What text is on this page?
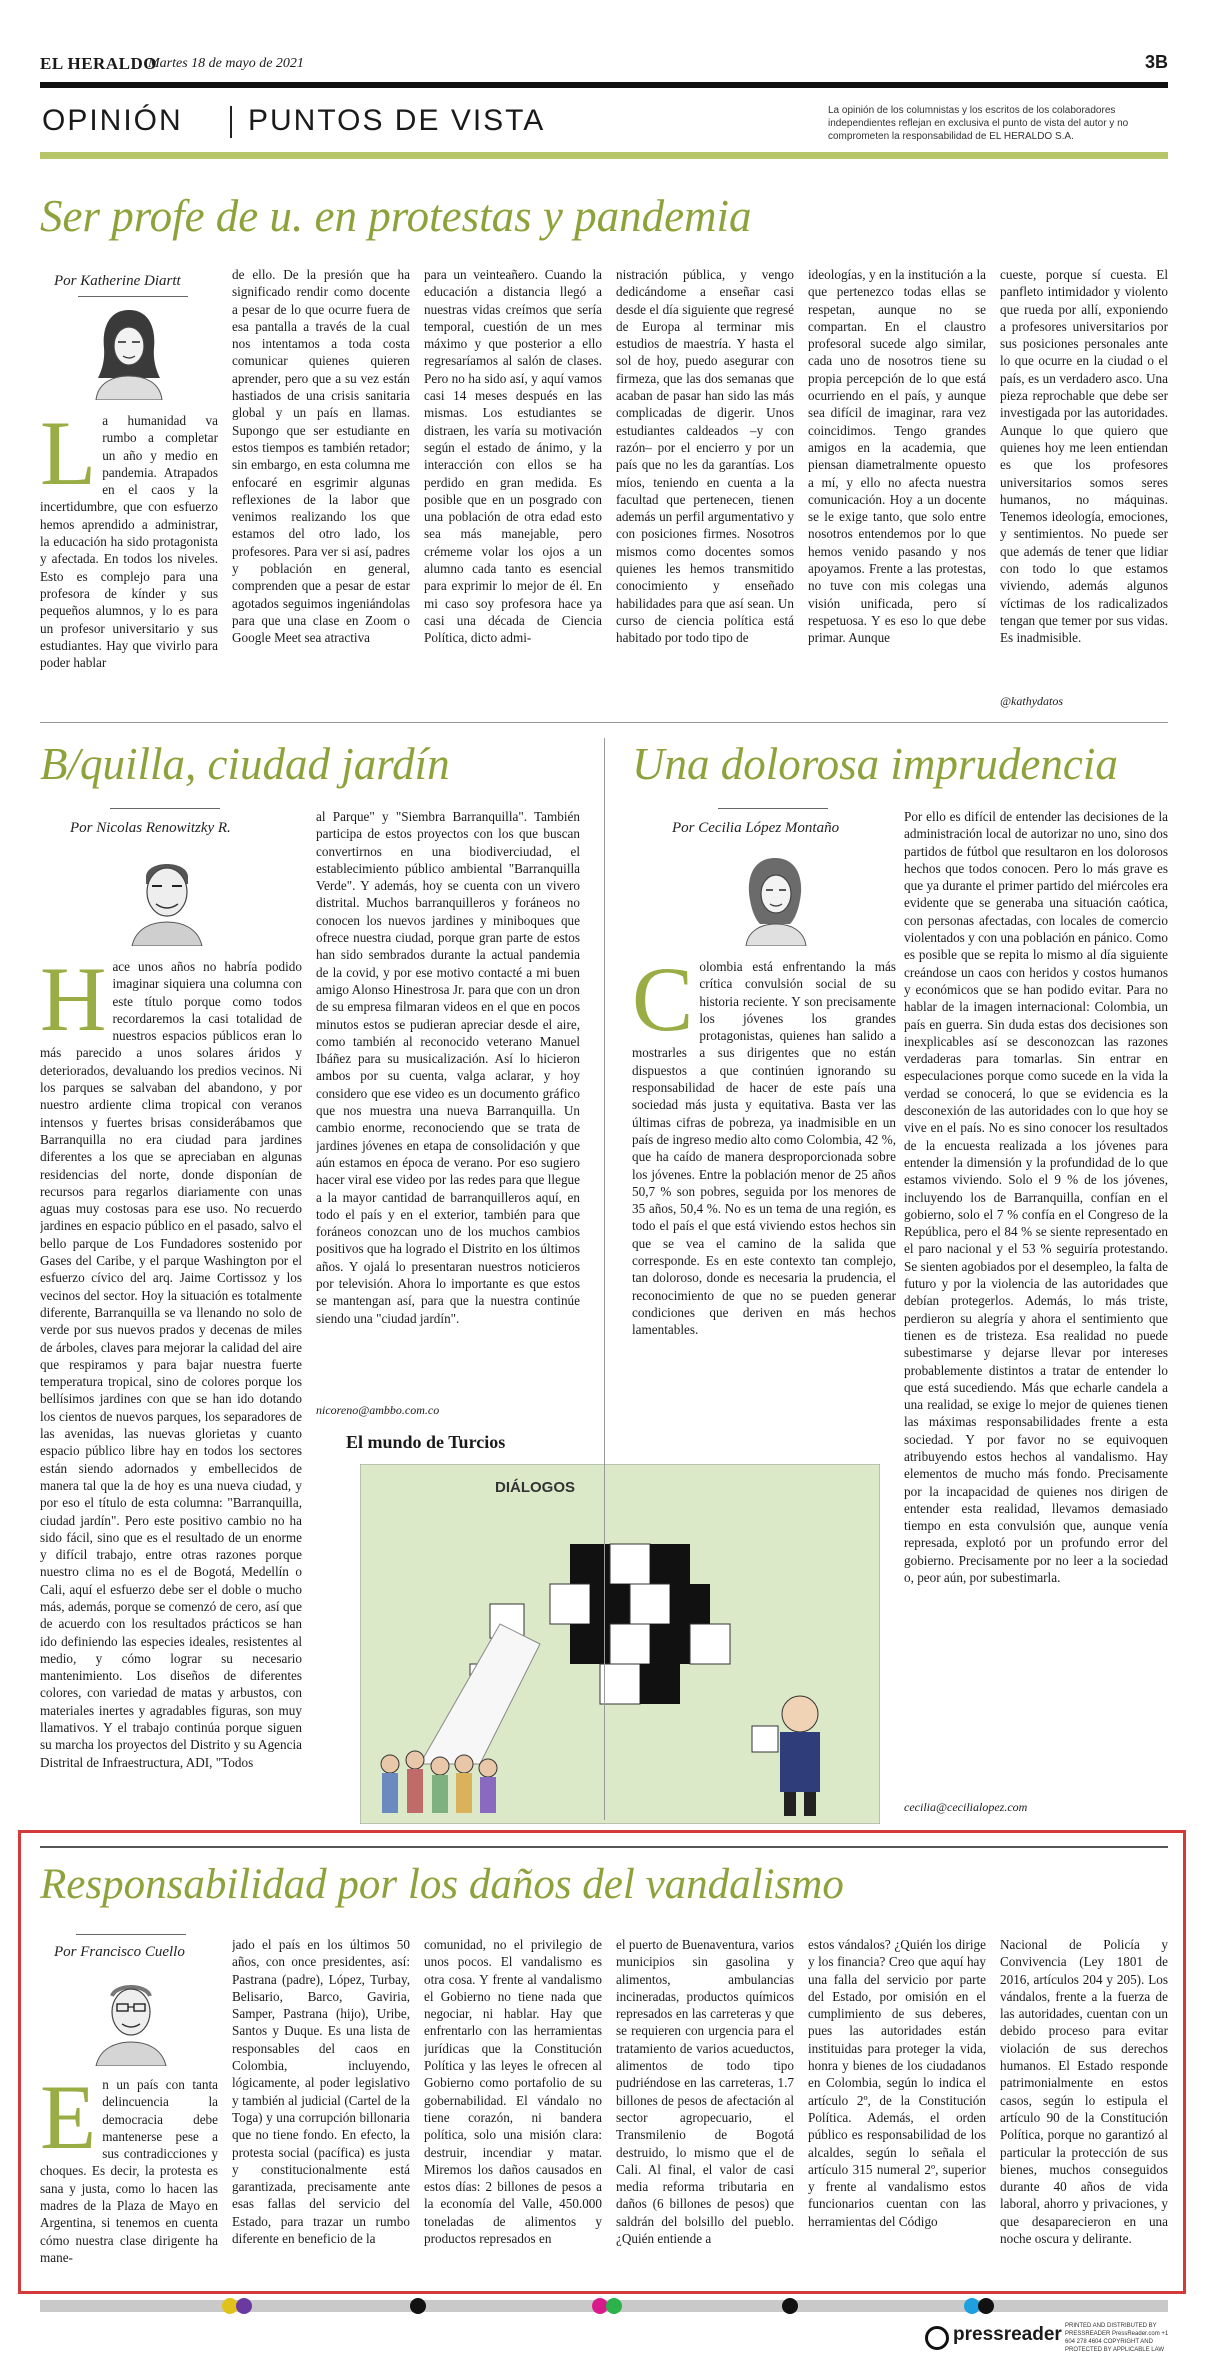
EL HERALDO
Martes 18 de mayo de 2021	3B
OPINIÓN PUNTOS DE VISTA	La opinión de los columnistas y los escritos de los colaboradores independientes reflejan en exclusiva el punto de vista del autor y no comprometen la responsabilidad de EL HERALDO S.A.
Ser profe de u. en protestas y pandemia
Por Katherine Diartt
La humanidad va rumbo a completar un año y medio en pandemia. Atrapados en el caos y la incertidumbre, que con esfuerzo hemos aprendido a administrar, la educación ha sido protagonista y afectada. En todos los niveles. Esto es complejo para una profesora de kínder y sus pequeños alumnos, y lo es para un profesor universitario y sus estudiantes. Hay que vivirlo para poder hablar
de ello. De la presión que ha significado rendir como docente a pesar de lo que ocurre fuera de esa pantalla a través de la cual nos intentamos a toda costa comunicar quienes quieren aprender, pero que a su vez están hastiados de una crisis sanitaria global y un país en llamas. Supongo que ser estudiante en estos tiempos es también retador; sin embargo, en esta columna me enfocaré en esgrimir algunas reflexiones de la labor que venimos realizando los que estamos del otro lado, los profesores. Para ver si así, padres y población en general, comprenden que a pesar de estar agotados seguimos ingeniándolas para que una clase en Zoom o Google Meet sea atractiva
para un veinteañero. Cuando la educación a distancia llegó a nuestras vidas creímos que sería temporal, cuestión de un mes máximo y que posterior a ello regresaríamos al salón de clases. Pero no ha sido así, y aquí vamos casi 14 meses después en las mismas. Los estudiantes se distraen, les varía su motivación según el estado de ánimo, y la interacción con ellos se ha perdido en gran medida. Es posible que en un posgrado con una población de otra edad esto sea más manejable, pero crémeme volar los ojos a un alumno cada tanto es esencial para exprimir lo mejor de él. En mi caso soy profesora hace ya casi una década de Ciencia Política, dicto admi-
nistración pública, y vengo dedicándome a enseñar casi desde el día siguiente que regresé de Europa al terminar mis estudios de maestría. Y hasta el sol de hoy, puedo asegurar con firmeza, que las dos semanas que acaban de pasar han sido las más complicadas de digerir. Unos estudiantes caldeados –y con razón– por el encierro y por un país que no les da garantías. Los míos, teniendo en cuenta a la facultad que pertenecen, tienen además un perfil argumentativo y con posiciones firmes. Nosotros mismos como docentes somos quienes les hemos transmitido conocimiento y enseñado habilidades para que así sean. Un curso de ciencia política está habitado por todo tipo de
ideologías, y en la institución a la que pertenezco todas ellas se respetan, aunque no se compartan. En el claustro profesoral sucede algo similar, cada uno de nosotros tiene su propia percepción de lo que está ocurriendo en el país, y aunque sea difícil de imaginar, rara vez coincidimos. Tengo grandes amigos en la academia, que piensan diametralmente opuesto a mí, y ello no afecta nuestra comunicación. Hoy a un docente se le exige tanto, que solo entre nosotros entendemos por lo que hemos venido pasando y nos apoyamos. Frente a las protestas, no tuve con mis colegas una visión unificada, pero sí respetuosa. Y es eso lo que debe primar. Aunque
cueste, porque sí cuesta. El panfleto intimidador y violento que rueda por allí, exponiendo a profesores universitarios por sus posiciones personales ante lo que ocurre en la ciudad o el país, es un verdadero asco. Una pieza reprochable que debe ser investigada por las autoridades. Aunque lo que quiero que quienes hoy me leen entiendan es que los profesores universitarios somos seres humanos, no máquinas. Tenemos ideología, emociones, y sentimientos. No puede ser que además de tener que lidiar con todo lo que estamos viviendo, además algunos víctimas de los radicalizados tengan que temer por sus vidas. Es inadmisible.
@kathydatos
B/quilla, ciudad jardín
Por Nicolas Renowitzky R.
Hace unos años no habría podido imaginar siquiera una columna con este título porque como todos recordaremos la casi totalidad de nuestros espacios públicos eran lo más parecido a unos solares áridos y deteriorados, devaluando los predios vecinos. Ni los parques se salvaban del abandono, y por nuestro ardiente clima tropical con veranos intensos y fuertes brisas considerábamos que Barranquilla no era ciudad para jardines diferentes a los que se apreciaban en algunas residencias del norte, donde disponían de recursos para regarlos diariamente con unas aguas muy costosas para ese uso. No recuerdo jardines en espacio público en el pasado, salvo el bello parque de Los Fundadores sostenido por Gases del Caribe, y el parque Washington por el esfuerzo cívico del arq. Jaime Cortissoz y los vecinos del sector. Hoy la situación es totalmente diferente, Barranquilla se va llenando no solo de verde por sus nuevos prados y decenas de miles de árboles, claves para mejorar la calidad del aire que respiramos y para bajar nuestra fuerte temperatura tropical, sino de colores porque los bellísimos jardines con que se han ido dotando los cientos de nuevos parques, los separadores de las avenidas, las nuevas glorietas y cuanto espacio público libre hay en todos los sectores están siendo adornados y embellecidos de manera tal que la de hoy es una nueva ciudad, y por eso el título de esta columna: "Barranquilla, ciudad jardín". Pero este positivo cambio no ha sido fácil, sino que es el resultado de un enorme y difícil trabajo, entre otras razones porque nuestro clima no es el de Bogotá, Medellín o Cali, aquí el esfuerzo debe ser el doble o mucho más, además, porque se comenzó de cero, así que de acuerdo con los resultados prácticos se han ido definiendo las especies ideales, resistentes al medio, y cómo lograr su necesario mantenimiento. Los diseños de diferentes colores, con variedad de matas y arbustos, con materiales inertes y agradables figuras, son muy llamativos. Y el trabajo continúa porque siguen su marcha los proyectos del Distrito y su Agencia Distrital de Infraestructura, ADI, "Todos
al Parque" y "Siembra Barranquilla". También participa de estos proyectos con los que buscan convertirnos en una biodiverciudad, el establecimiento público ambiental "Barranquilla Verde". Y además, hoy se cuenta con un vivero distrital. Muchos barranquilleros y foráneos no conocen los nuevos jardines y miniboques que ofrece nuestra ciudad, porque gran parte de estos han sido sembrados durante la actual pandemia de la covid, y por ese motivo contacté a mi buen amigo Alonso Hinestrosa Jr. para que con un dron de su empresa filmaran videos en el que en pocos minutos estos se pudieran apreciar desde el aire, como también al reconocido veterano Manuel Ibáñez para su musicalización. Así lo hicieron ambos por su cuenta, valga aclarar, y hoy considero que ese video es un documento gráfico que nos muestra una nueva Barranquilla. Un cambio enorme, reconociendo que se trata de jardines jóvenes en etapa de consolidación y que aún estamos en época de verano. Por eso sugiero hacer viral ese video por las redes para que llegue a la mayor cantidad de barranquilleros aquí, en todo el país y en el exterior, también para que foráneos conozcan uno de los muchos cambios positivos que ha logrado el Distrito en los últimos años. Y ojalá lo presentaran nuestros noticieros por televisión. Ahora lo importante es que estos se mantengan así, para que la nuestra continúe siendo una "ciudad jardín".
nicoreno@ambbo.com.co
El mundo de Turcios
DIÁLOGOS
Una dolorosa imprudencia
Por Cecilia López Montaño
Colombia está enfrentando la más crítica convulsión social de su historia reciente. Y son precisamente los jóvenes los grandes protagonistas, quienes han salido a mostrarles a sus dirigentes que no están dispuestos a que continúen ignorando su responsabilidad de hacer de este país una sociedad más justa y equitativa. Basta ver las últimas cifras de pobreza, ya inadmisible en un país de ingreso medio alto como Colombia, 42 %, que ha caído de manera desproporcionada sobre los jóvenes. Entre la población menor de 25 años 50,7 % son pobres, seguida por los menores de 35 años, 50,4 %. No es un tema de una región, es todo el país el que está viviendo estos hechos sin que se vea el camino de la salida que corresponde. Es en este contexto tan complejo, tan doloroso, donde es necesaria la prudencia, el reconocimiento de que no se pueden generar condiciones que deriven en más hechos lamentables.
Por ello es difícil de entender las decisiones de la administración local de autorizar no uno, sino dos partidos de fútbol que resultaron en los dolorosos hechos que todos conocen. Pero lo más grave es que ya durante el primer partido del miércoles era evidente que se generaba una situación caótica, con personas afectadas, con locales de comercio violentados y con una población en pánico. Como es posible que se repita lo mismo al día siguiente creándose un caos con heridos y costos humanos y económicos que se han podido evitar. Para no hablar de la imagen internacional: Colombia, un país en guerra. Sin duda estas dos decisiones son inexplicables así se desconozcan las razones verdaderas para tomarlas. Sin entrar en especulaciones porque como sucede en la vida la verdad se conocerá, lo que se evidencia es la desconexión de las autoridades con lo que hoy se vive en el país. No es sino conocer los resultados de la encuesta realizada a los jóvenes para entender la dimensión y la profundidad de lo que estamos viviendo. Solo el 9 % de los jóvenes, incluyendo los de Barranquilla, confían en el gobierno, solo el 7 % confía en el Congreso de la República, pero el 84 % se siente representado en el paro nacional y el 53 % seguiría protestando. Se sienten agobiados por el desempleo, la falta de futuro y por la violencia de las autoridades que debían protegerlos. Además, lo más triste, perdieron su alegría y ahora el sentimiento que tienen es de tristeza. Esa realidad no puede subestimarse y dejarse llevar por intereses probablemente distintos a tratar de entender lo que está sucediendo. Más que echarle candela a una realidad, se exige lo mejor de quienes tienen las máximas responsabilidades frente a esta sociedad. Y por favor no se equivoquen atribuyendo estos hechos al vandalismo. Hay elementos de mucho más fondo. Precisamente por la incapacidad de quienes nos dirigen de entender esta realidad, llevamos demasiado tiempo en esta convulsión que, aunque venía represada, explotó por un profundo error del gobierno. Precisamente por no leer a la sociedad o, peor aún, por subestimarla.
cecilia@cecilialopez.com
Responsabilidad por los daños del vandalismo
Por Francisco Cuello
En un país con tanta delincuencia la democracia debe mantenerse pese a sus contradicciones y choques. Es decir, la protesta es sana y justa, como lo hacen las madres de la Plaza de Mayo en Argentina, si tenemos en cuenta cómo nuestra clase dirigente ha mane-
jado el país en los últimos 50 años, con once presidentes, así: Pastrana (padre), López, Turbay, Belisario, Barco, Gaviria, Samper, Pastrana (hijo), Uribe, Santos y Duque. Es una lista de responsables del caos en Colombia, incluyendo, lógicamente, al poder legislativo y también al judicial (Cartel de la Toga) y una corrupción billonaria que no tiene fondo. En efecto, la protesta social (pacífica) es justa y constitucionalmente está garantizada, precisamente ante esas fallas del servicio del Estado, para trazar un rumbo diferente en beneficio de la
comunidad, no el privilegio de unos pocos. El vandalismo es otra cosa. Y frente al vandalismo el Gobierno no tiene nada que negociar, ni hablar. Hay que enfrentarlo con las herramientas jurídicas que la Constitución Política y las leyes le ofrecen al Gobierno como portafolio de su gobernabilidad. El vándalo no tiene corazón, ni bandera política, solo una misión clara: destruir, incendiar y matar. Miremos los daños causados en estos días: 2 billones de pesos a la economía del Valle, 450.000 toneladas de alimentos y productos represados en
el puerto de Buenaventura, varios municipios sin gasolina y alimentos, ambulancias incineradas, productos químicos represados en las carreteras y que se requieren con urgencia para el tratamiento de varios acueductos, alimentos de todo tipo pudriéndose en las carreteras, 1.7 billones de pesos de afectación al sector agropecuario, el Transmilenio de Bogotá destruido, lo mismo que el de Cali. Al final, el valor de casi media reforma tributaria en daños (6 billones de pesos) que saldrán del bolsillo del pueblo. ¿Quién entiende a
estos vándalos? ¿Quién los dirige y los financia? Creo que aquí hay una falla del servicio por parte del Estado, por omisión en el cumplimiento de sus deberes, pues las autoridades están instituidas para proteger la vida, honra y bienes de los ciudadanos en Colombia, según lo indica el artículo 2º, de la Constitución Política. Además, el orden público es responsabilidad de los alcaldes, según lo señala el artículo 315 numeral 2º, superior y frente al vandalismo estos funcionarios cuentan con las herramientas del Código
Nacional de Policía y Convivencia (Ley 1801 de 2016, artículos 204 y 205). Los vándalos, frente a la fuerza de las autoridades, cuentan con un debido proceso para evitar violación de sus derechos humanos. El Estado responde patrimonialmente en estos casos, según lo estipula el artículo 90 de la Constitución Política, porque no garantizó al particular la protección de sus bienes, muchos conseguidos durante 40 años de vida laboral, ahorro y privaciones, y que desaparecieron en una noche oscura y delirante.
pressreader PRINTED AND DISTRIBUTED BY PRESSREADER PressReader.com +1 604 278 4604 COPYRIGHT AND PROTECTED BY APPLICABLE LAW
